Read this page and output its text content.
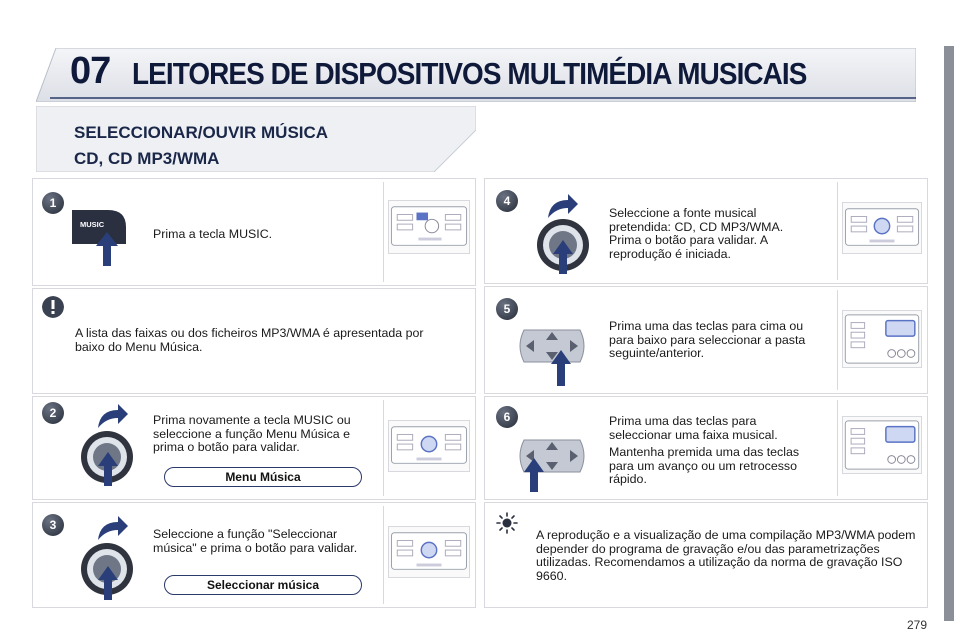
07 LEITORES DE DISPOSITIVOS MULTIMÉDIA MUSICAIS
SELECCIONAR/OUVIR MÚSICA
CD, CD MP3/WMA
1
MUSIC
Prima a tecla MUSIC.
A lista das faixas ou dos ficheiros MP3/WMA é apresentada por baixo do Menu Música.
2	Prima novamente a tecla MUSIC ou seleccione a função Menu Música e prima o botão para validar.
Menu Música
3
Seleccione a função "Seleccionar música" e prima o botão para validar.
Seleccionar música
4
Seleccione a fonte musical pretendida: CD, CD MP3/WMA. Prima o botão para validar. A reprodução é iniciada.
5
Prima uma das teclas para cima ou para baixo para seleccionar a pasta seguinte/anterior.
6	Prima uma das teclas para seleccionar uma faixa musical.
Mantenha premida uma das teclas para um avanço ou um retrocesso rápido.
A reprodução e a visualização de uma compilação MP3/WMA podem depender do programa de gravação e/ou das parametrizações utilizadas. Recomendamos a utilização da norma de gravação ISO 9660.
279
